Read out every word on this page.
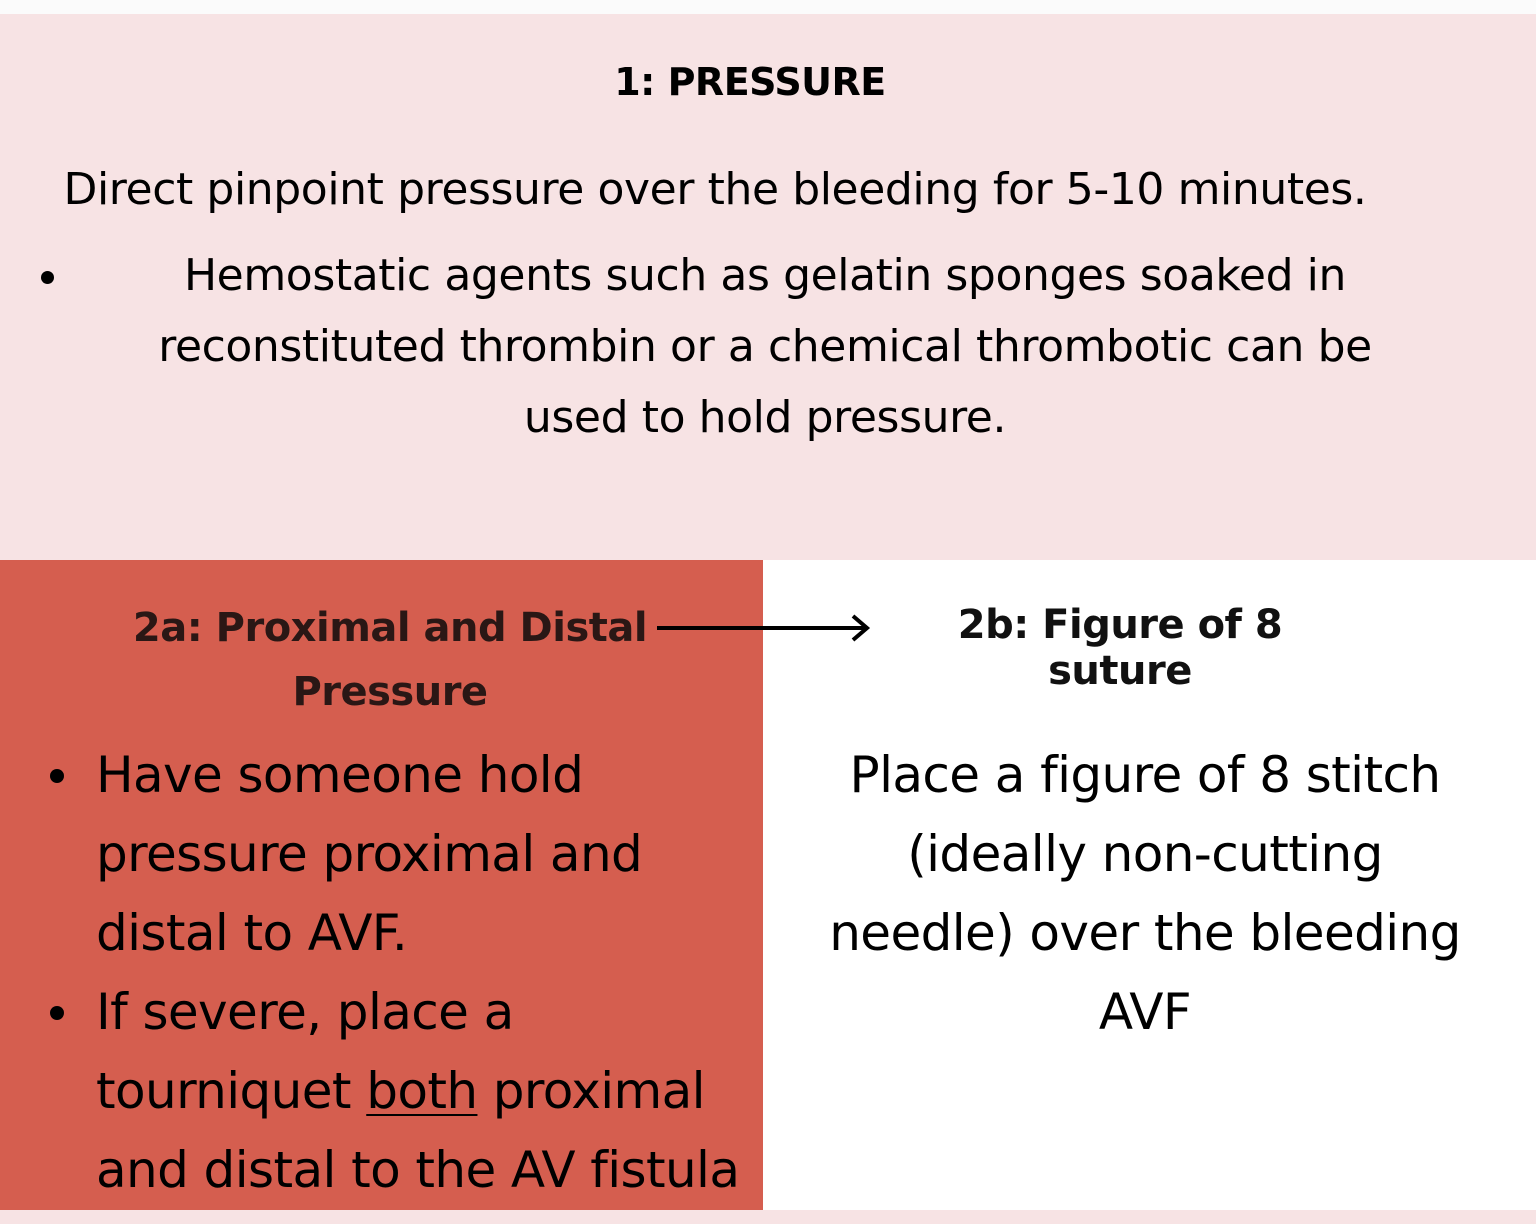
1: PRESSURE
Direct pinpoint pressure over the bleeding for 5-10 minutes.
Hemostatic agents such as gelatin sponges soaked in reconstituted thrombin or a chemical thrombotic can be used to hold pressure.
2a: Proximal and Distal Pressure
Have someone hold pressure proximal and distal to AVF.
If severe, place a tourniquet both proximal and distal to the AV fistula
2b: Figure of 8 suture
Place a figure of 8 stitch (ideally non-cutting needle) over the bleeding AVF
